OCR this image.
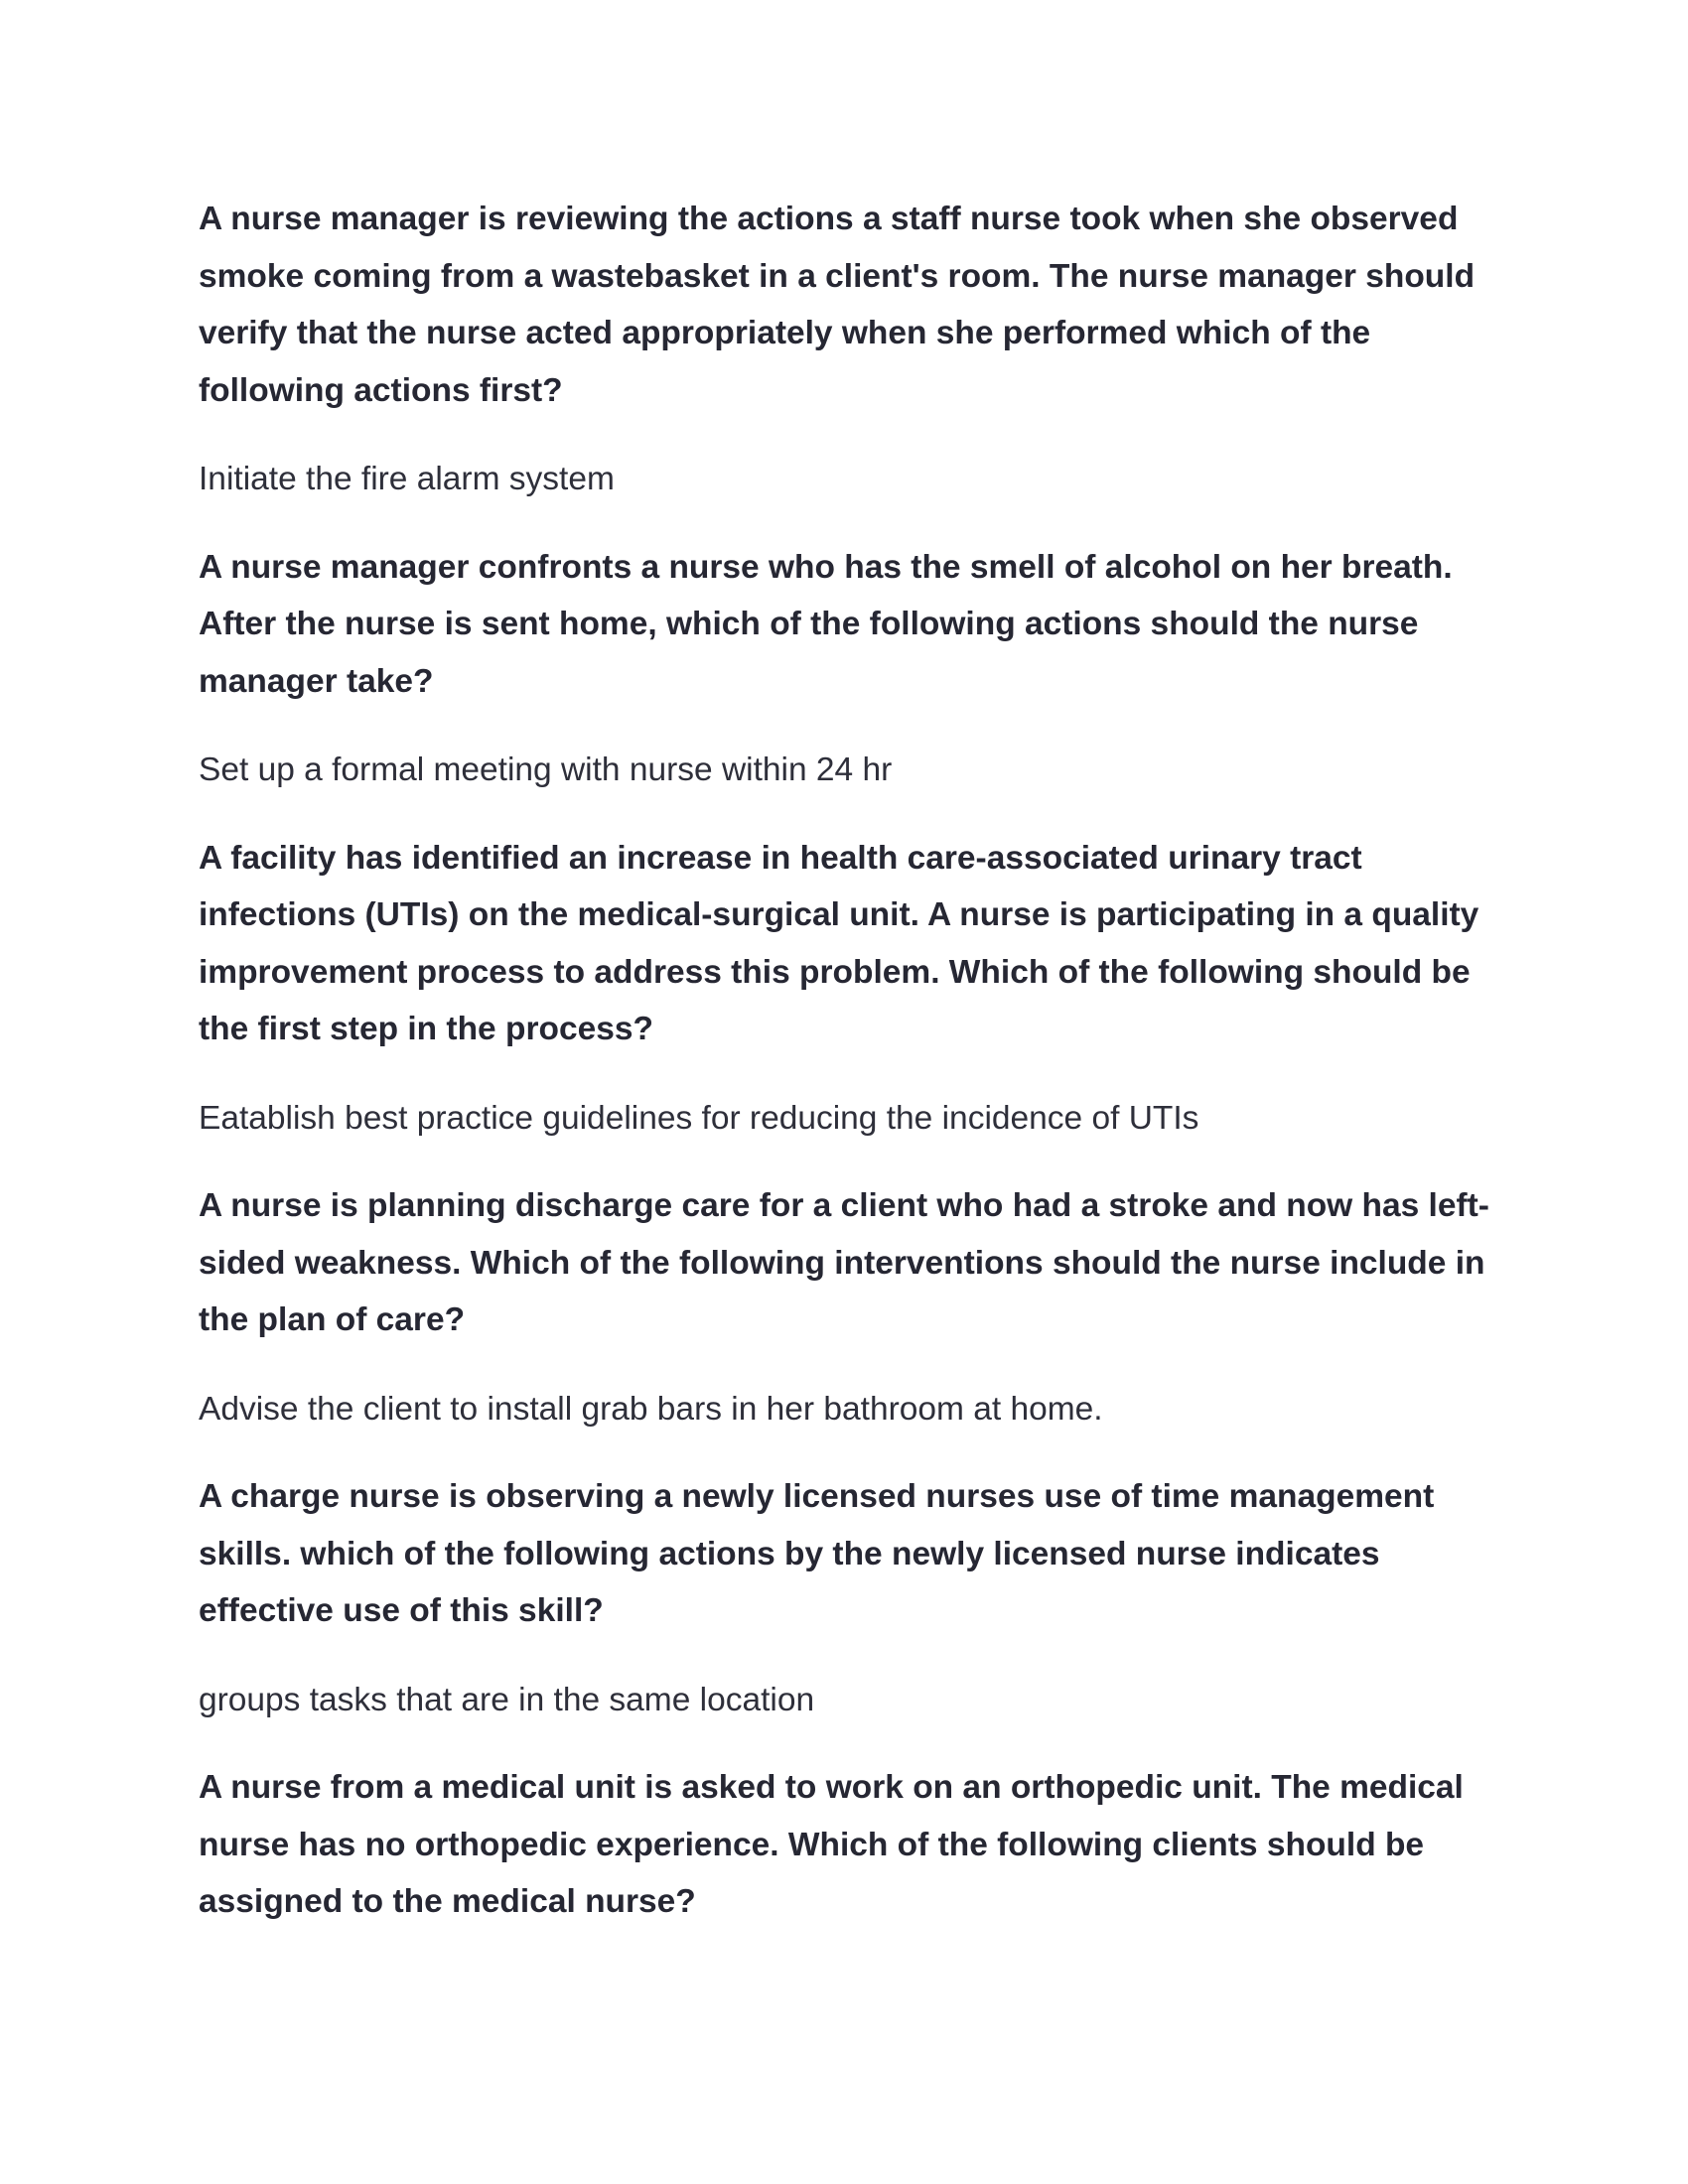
A nurse manager is reviewing the actions a staff nurse took when she observed smoke coming from a wastebasket in a client's room. The nurse manager should verify that the nurse acted appropriately when she performed which of the following actions first?

Initiate the fire alarm system

A nurse manager confronts a nurse who has the smell of alcohol on her breath. After the nurse is sent home, which of the following actions should the nurse manager take?

Set up a formal meeting with nurse within 24 hr

A facility has identified an increase in health care-associated urinary tract infections (UTIs) on the medical-surgical unit. A nurse is participating in a quality improvement process to address this problem. Which of the following should be the first step in the process?

Eatablish best practice guidelines for reducing the incidence of UTIs

A nurse is planning discharge care for a client who had a stroke and now has left-sided weakness. Which of the following interventions should the nurse include in the plan of care?

Advise the client to install grab bars in her bathroom at home.

A charge nurse is observing a newly licensed nurses use of time management skills. which of the following actions by the newly licensed nurse indicates effective use of this skill?

groups tasks that are in the same location

A nurse from a medical unit is asked to work on an orthopedic unit. The medical nurse has no orthopedic experience. Which of the following clients should be assigned to the medical nurse?
